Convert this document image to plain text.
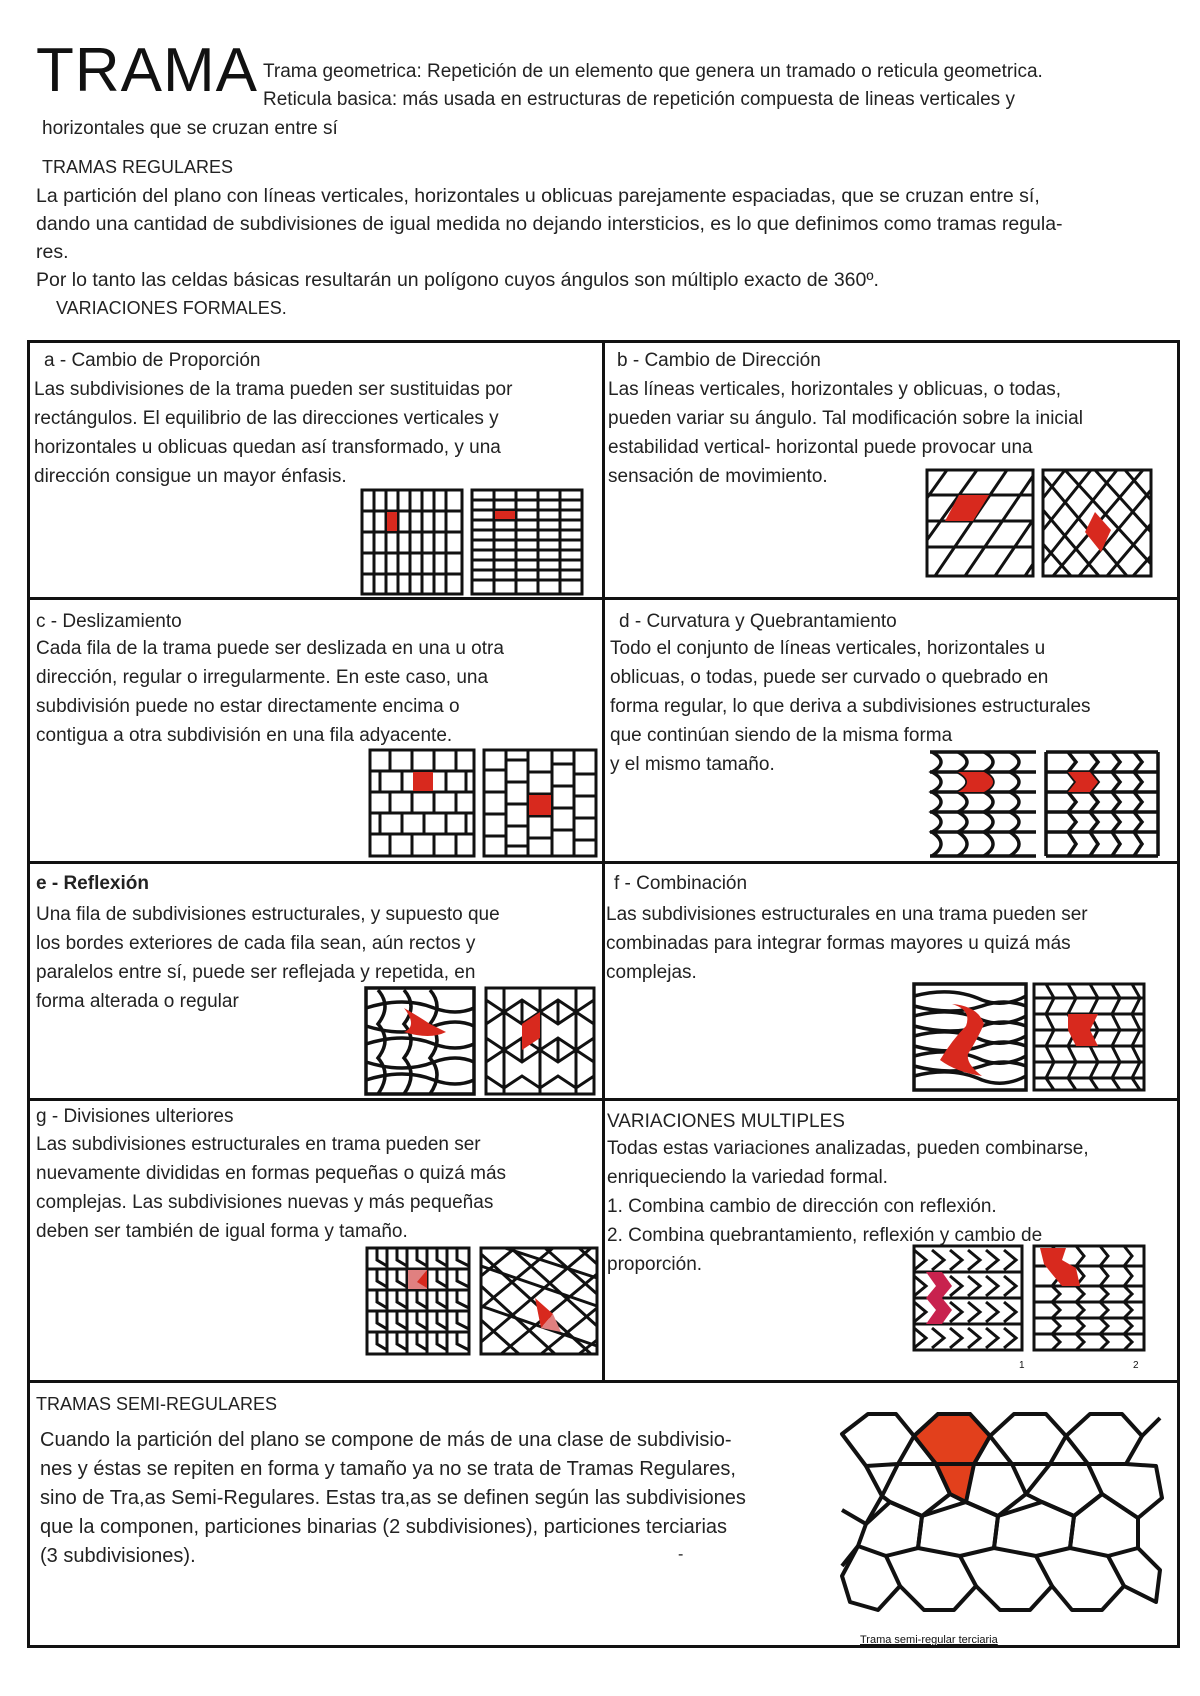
TRAMA Trama geometrica: Repetición de un elemento que genera un tramado o reticula geometrica.
Reticula basica: más usada en estructuras de repetición compuesta de lineas verticales y
horizontales que se cruzan entre sí
TRAMAS REGULARES
La partición del plano con líneas verticales, horizontales u oblicuas parejamente espaciadas, que se cruzan entre sí,
dando una cantidad de subdivisiones de igual medida no dejando intersticios, es lo que definimos como tramas regula-
res.
Por lo tanto las celdas básicas resultarán un polígono cuyos ángulos son múltiplo exacto de 360º.
VARIACIONES FORMALES.
a - Cambio de Proporción
Las subdivisiones de la trama pueden ser sustituidas por
rectángulos. El equilibrio de las direcciones verticales y
horizontales u oblicuas quedan así transformado, y una
dirección consigue un mayor énfasis.
b - Cambio de Dirección
Las líneas verticales, horizontales y oblicuas, o todas,
pueden variar su ángulo. Tal modificación sobre la inicial
estabilidad vertical- horizontal puede provocar una
sensación de movimiento.
c - Deslizamiento
Cada fila de la trama puede ser deslizada en una u otra
dirección, regular o irregularmente. En este caso, una
subdivisión puede no estar directamente encima o
contigua a otra subdivisión en una fila adyacente.
d - Curvatura y Quebrantamiento
Todo el conjunto de líneas verticales, horizontales u
oblicuas, o todas, puede ser curvado o quebrado en
forma regular, lo que deriva a subdivisiones estructurales
que continúan siendo de la misma forma
y el mismo tamaño.
e - Reflexión
Una fila de subdivisiones estructurales, y supuesto que
los bordes exteriores de cada fila sean, aún rectos y
paralelos entre sí, puede ser reflejada y repetida, en
forma alterada o regular
f - Combinación
Las subdivisiones estructurales en una trama pueden ser
combinadas para integrar formas mayores u quizá más
complejas.
g - Divisiones ulteriores
Las subdivisiones estructurales en trama pueden ser
nuevamente divididas en formas pequeñas o quizá más
complejas. Las subdivisiones nuevas y más pequeñas
deben ser también de igual forma y tamaño.
VARIACIONES MULTIPLES
Todas estas variaciones analizadas, pueden combinarse,
enriqueciendo la variedad formal.
1. Combina cambio de dirección con reflexión.
2. Combina quebrantamiento, reflexión y cambio de
proporción.
1	2
TRAMAS SEMI-REGULARES
Cuando la partición del plano se compone de más de una clase de subdivisio-
nes y éstas se repiten en forma y tamaño ya no se trata de Tramas Regulares,
sino de Tra,as Semi-Regulares. Estas tra,as se definen según las subdivisiones
que la componen, particiones binarias (2 subdivisiones), particiones terciarias
(3 subdivisiones).	-
Trama semi-regular terciaria
